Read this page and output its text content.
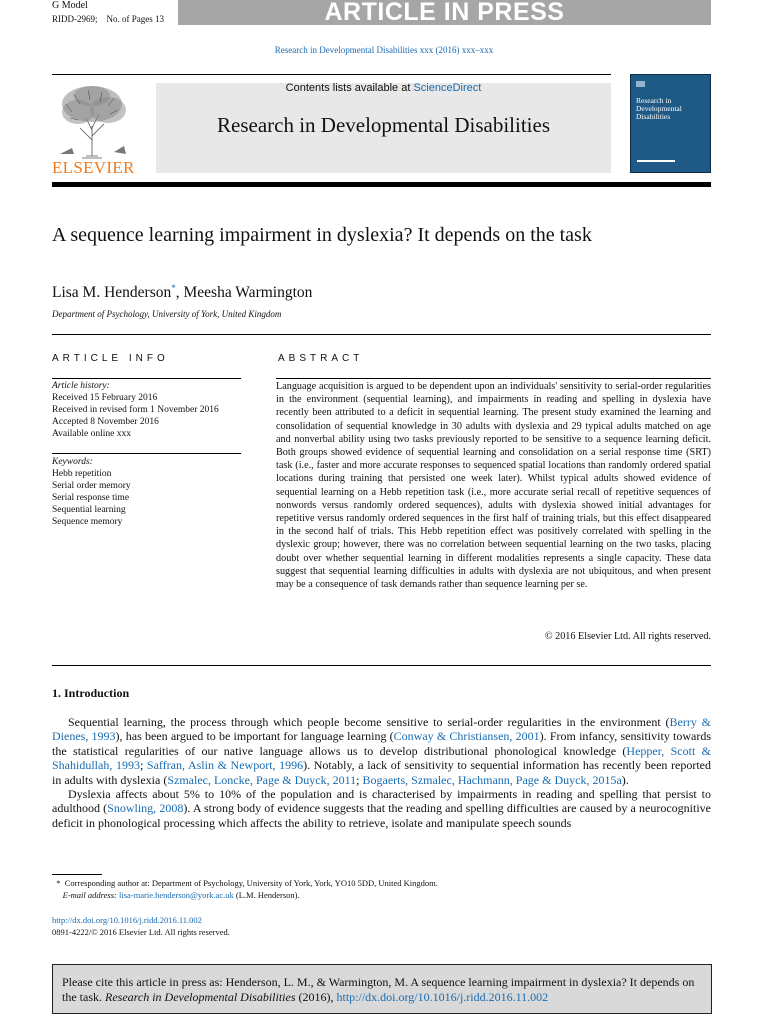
G Model
RIDD-2969; No. of Pages 13	ARTICLE IN PRESS
Research in Developmental Disabilities xxx (2016) xxx–xxx
ELSEVIER
Contents lists available at ScienceDirect
Research in Developmental Disabilities
Research in Developmental Disabilities
A sequence learning impairment in dyslexia? It depends on the task
Lisa M. Henderson*, Meesha Warmington
Department of Psychology, University of York, United Kingdom
ARTICLE INFO	ABSTRACT
Article history:
Received 15 February 2016
Received in revised form 1 November 2016
Accepted 8 November 2016
Available online xxx
Keywords:
Hebb repetition
Serial order memory
Serial response time
Sequential learning
Sequence memory
Language acquisition is argued to be dependent upon an individuals' sensitivity to serial-order regularities in the environment (sequential learning), and impairments in reading and spelling in dyslexia have recently been attributed to a deficit in sequential learning. The present study examined the learning and consolidation of sequential knowledge in 30 adults with dyslexia and 29 typical adults matched on age and nonverbal ability using two tasks previously reported to be sensitive to a sequence learning deficit. Both groups showed evidence of sequential learning and consolidation on a serial response time (SRT) task (i.e., faster and more accurate responses to sequenced spatial locations than randomly ordered spatial locations during training that persisted one week later). Whilst typical adults showed evidence of sequential learning on a Hebb repetition task (i.e., more accurate serial recall of repetitive sequences of nonwords versus randomly ordered sequences), adults with dyslexia showed initial advantages for repetitive versus randomly ordered sequences in the first half of training trials, but this effect disappeared in the second half of trials. This Hebb repetition effect was positively correlated with spelling in the dyslexic group; however, there was no correlation between sequential learning on the two tasks, placing doubt over whether sequential learning in different modalities represents a single capacity. These data suggest that sequential learning difficulties in adults with dyslexia are not ubiquitous, and when present may be a consequence of task demands rather than sequence learning per se.
© 2016 Elsevier Ltd. All rights reserved.
1. Introduction

Sequential learning, the process through which people become sensitive to serial-order regularities in the environment (Berry & Dienes, 1993), has been argued to be important for language learning (Conway & Christiansen, 2001). From infancy, sensitivity towards the statistical regularities of our native language allows us to develop distributional phonological knowledge (Hepper, Scott & Shahidullah, 1993; Saffran, Aslin & Newport, 1996). Notably, a lack of sensitivity to sequential information has recently been reported in adults with dyslexia (Szmalec, Loncke, Page & Duyck, 2011; Bogaerts, Szmalec, Hachmann, Page & Duyck, 2015a).

Dyslexia affects about 5% to 10% of the population and is characterised by impairments in reading and spelling that persist to adulthood (Snowling, 2008). A strong body of evidence suggests that the reading and spelling difficulties are caused by a neurocognitive deficit in phonological processing which affects the ability to retrieve, isolate and manipulate speech sounds

* Corresponding author at: Department of Psychology, University of York, York, YO10 5DD, United Kingdom.
E-mail address: lisa-marie.henderson@york.ac.uk (L.M. Henderson).
http://dx.doi.org/10.1016/j.ridd.2016.11.002
0891-4222/© 2016 Elsevier Ltd. All rights reserved.
Please cite this article in press as: Henderson, L. M., & Warmington, M. A sequence learning impairment in dyslexia? It depends on the task. Research in Developmental Disabilities (2016), http://dx.doi.org/10.1016/j.ridd.2016.11.002
